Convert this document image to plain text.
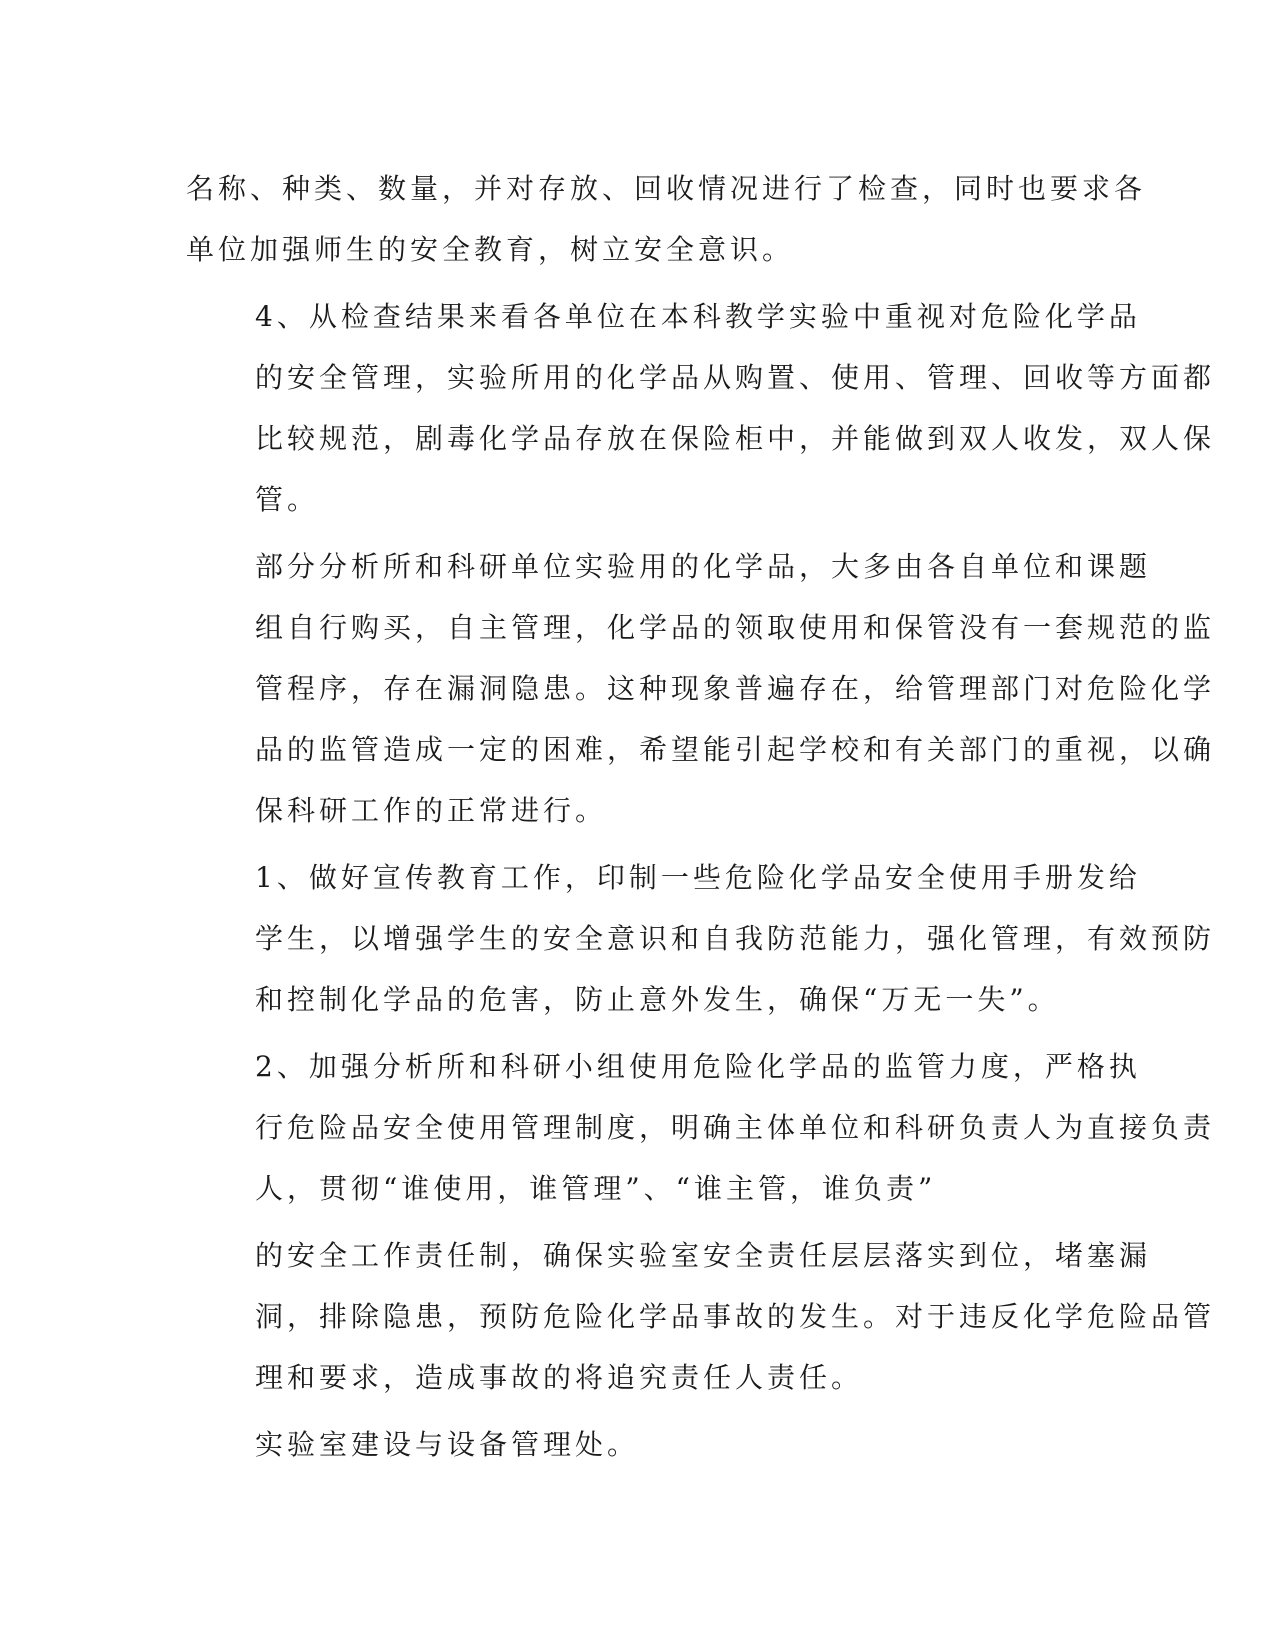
名称、种类、数量，并对存放、回收情况进行了检查，同时也要求各
单位加强师生的安全教育，树立安全意识。

4、从检查结果来看各单位在本科教学实验中重视对危险化学品
的安全管理，实验所用的化学品从购置、使用、管理、回收等方面都
比较规范，剧毒化学品存放在保险柜中，并能做到双人收发，双人保
管。

部分分析所和科研单位实验用的化学品，大多由各自单位和课题
组自行购买，自主管理，化学品的领取使用和保管没有一套规范的监
管程序，存在漏洞隐患。这种现象普遍存在，给管理部门对危险化学
品的监管造成一定的困难，希望能引起学校和有关部门的重视，以确
保科研工作的正常进行。

1、做好宣传教育工作，印制一些危险化学品安全使用手册发给
学生，以增强学生的安全意识和自我防范能力，强化管理，有效预防
和控制化学品的危害，防止意外发生，确保“万无一失”。

2、加强分析所和科研小组使用危险化学品的监管力度，严格执
行危险品安全使用管理制度，明确主体单位和科研负责人为直接负责
人，贯彻“谁使用，谁管理”、“谁主管，谁负责”

的安全工作责任制，确保实验室安全责任层层落实到位，堵塞漏
洞，排除隐患，预防危险化学品事故的发生。对于违反化学危险品管
理和要求，造成事故的将追究责任人责任。

实验室建设与设备管理处。
